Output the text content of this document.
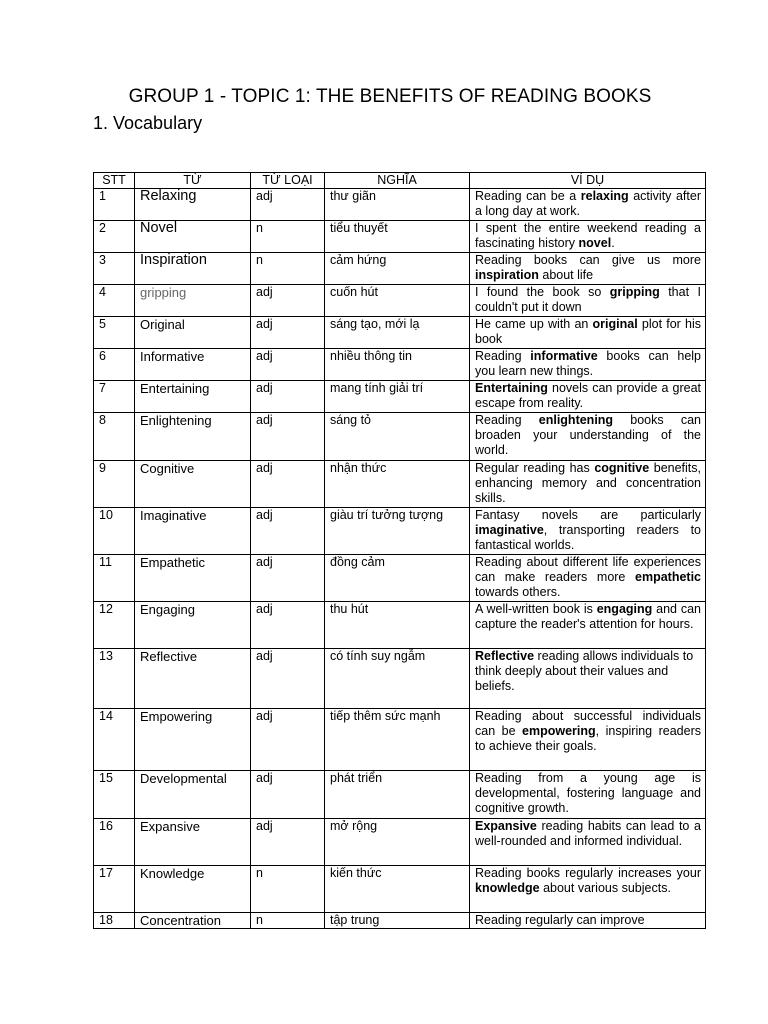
GROUP 1 - TOPIC 1: THE BENEFITS OF READING BOOKS
1. Vocabulary
STT	TỪ	TỪ LOẠI	NGHĨA	VÍ DỤ
1	Relaxing	adj	thư giãn	Reading can be a relaxing activity after a long day at work.
2	Novel	n	tiểu thuyết	I spent the entire weekend reading a fascinating history novel.
3	Inspiration	n	cảm hứng	Reading books can give us more inspiration about life
4	gripping	adj	cuốn hút	I found the book so gripping that I couldn't put it down
5	Original	adj	sáng tạo, mới lạ	He came up with an original plot for his book
6	Informative	adj	nhiều thông tin	Reading informative books can help you learn new things.
7	Entertaining	adj	mang tính giải trí	Entertaining novels can provide a great escape from reality.
8	Enlightening	adj	sáng tỏ	Reading enlightening books can broaden your understanding of the world.
9	Cognitive	adj	nhận thức	Regular reading has cognitive benefits, enhancing memory and concentration skills.
10	Imaginative	adj	giàu trí tưởng tượng	Fantasy novels are particularly imaginative, transporting readers to fantastical worlds.
11	Empathetic	adj	đồng cảm	Reading about different life experiences can make readers more empathetic towards others.
12	Engaging	adj	thu hút	A well-written book is engaging and can capture the reader's attention for hours.
13	Reflective	adj	có tính suy ngẫm	Reflective reading allows individuals to think deeply about their values and beliefs.
14	Empowering	adj	tiếp thêm sức mạnh	Reading about successful individuals can be empowering, inspiring readers to achieve their goals.
15	Developmental	adj	phát triển	Reading from a young age is developmental, fostering language and cognitive growth.
16	Expansive	adj	mở rộng	Expansive reading habits can lead to a well-rounded and informed individual.
17	Knowledge	n	kiến thức	Reading books regularly increases your knowledge about various subjects.
18	Concentration	n	tập trung	Reading regularly can improve
